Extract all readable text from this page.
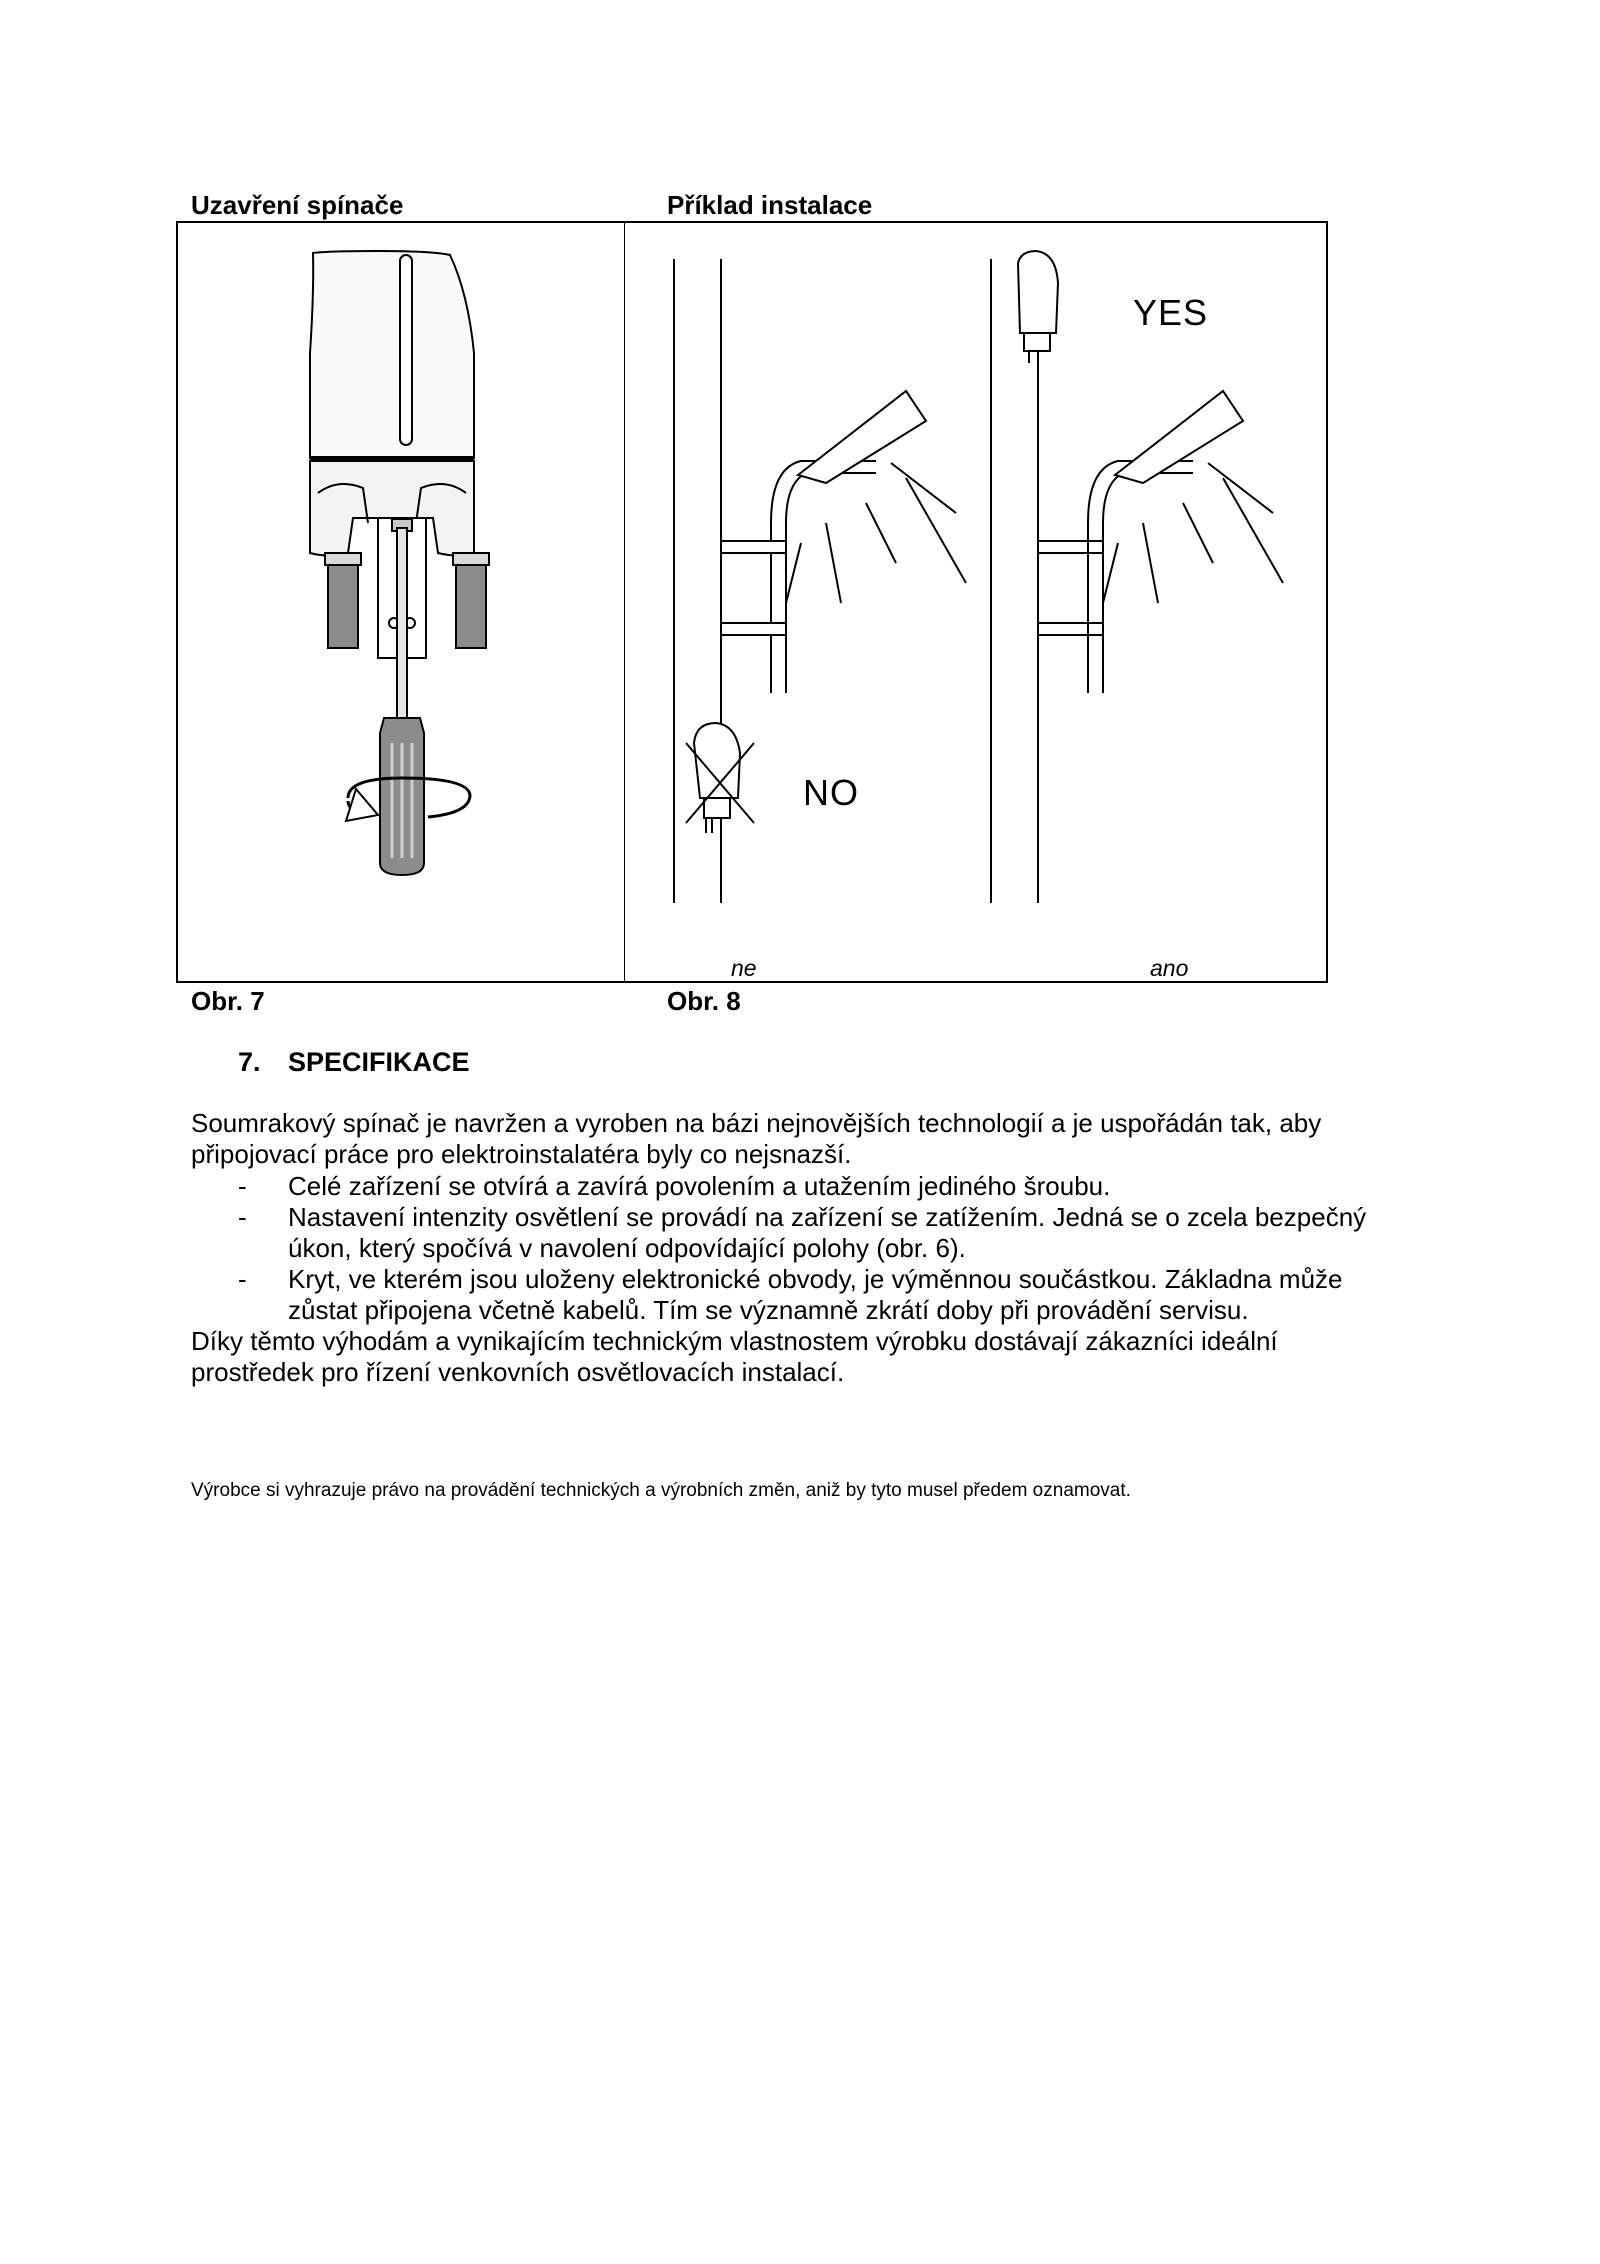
Uzavření spínače	Příklad instalace
YES
NO
ne	ano
Obr. 7	Obr. 8
7. SPECIFIKACE
Soumrakový spínač je navržen a vyroben na bázi nejnovějších technologií a je uspořádán tak, aby
připojovací práce pro elektroinstalatéra byly co nejsnazší.
- Celé zařízení se otvírá a zavírá povolením a utažením jediného šroubu.
- Nastavení intenzity osvětlení se provádí na zařízení se zatížením. Jedná se o zcela bezpečný
úkon, který spočívá v navolení odpovídající polohy (obr. 6).
- Kryt, ve kterém jsou uloženy elektronické obvody, je výměnnou součástkou. Základna může
zůstat připojena včetně kabelů. Tím se významně zkrátí doby při provádění servisu.
Díky těmto výhodám a vynikajícím technickým vlastnostem výrobku dostávají zákazníci ideální
prostředek pro řízení venkovních osvětlovacích instalací.
Výrobce si vyhrazuje právo na provádění technických a výrobních změn, aniž by tyto musel předem oznamovat.
